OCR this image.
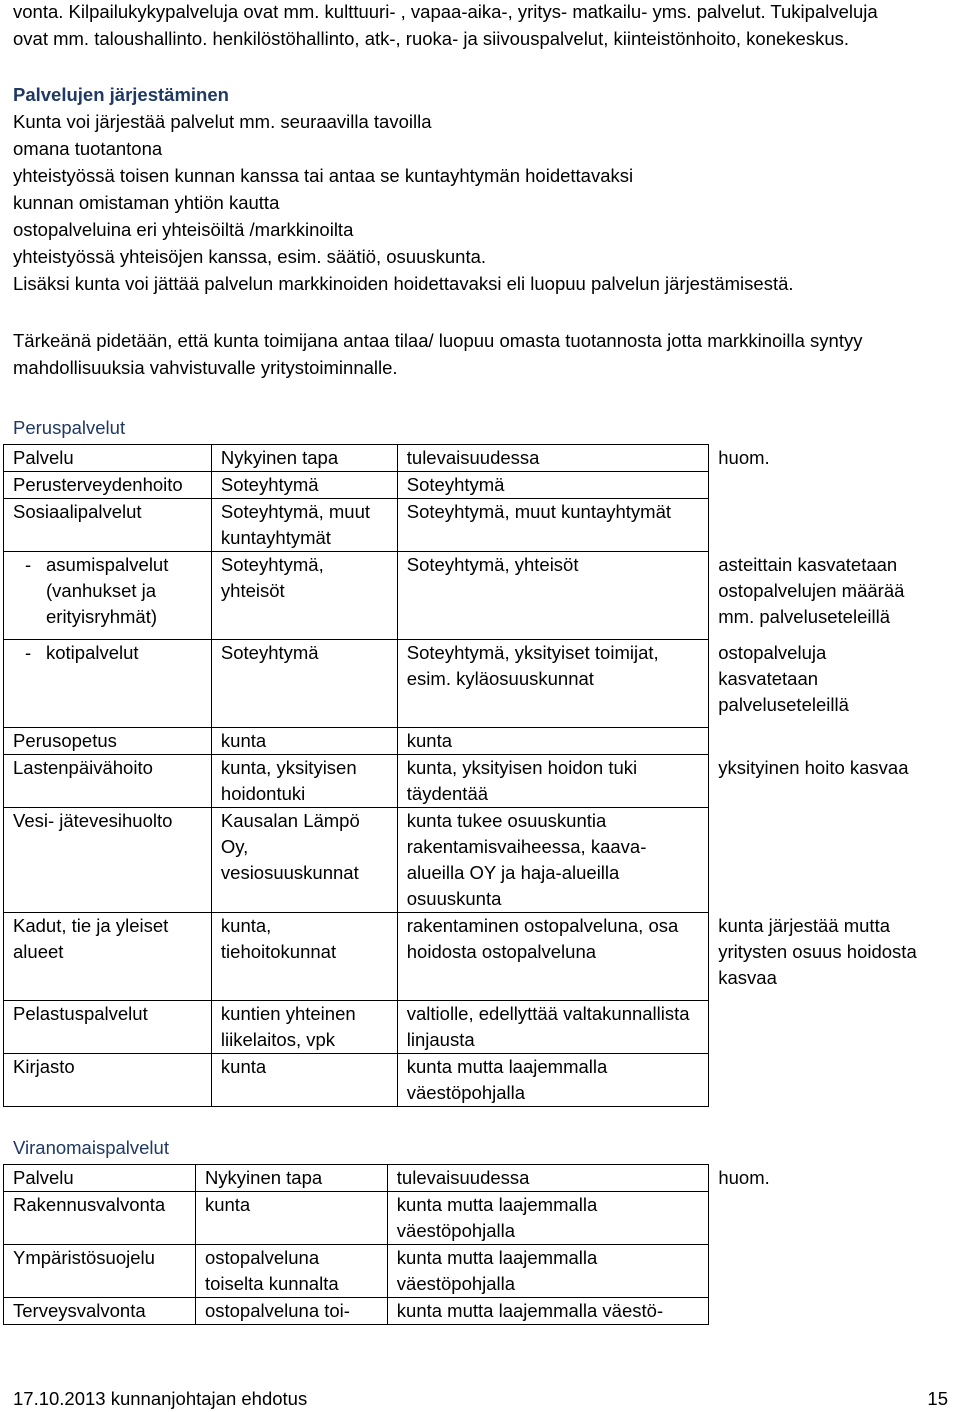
vonta. Kilpailukykypalveluja ovat mm. kulttuuri- , vapaa-aika-, yritys- matkailu- yms. palvelut. Tukipalveluja

ovat mm. taloushallinto. henkilöstöhallinto, atk-, ruoka- ja siivouspalvelut, kiinteistönhoito, konekeskus.

Palvelujen järjestäminen

Kunta voi järjestää palvelut mm. seuraavilla tavoilla

omana tuotantona

yhteistyössä toisen kunnan kanssa tai antaa se kuntayhtymän hoidettavaksi

kunnan omistaman yhtiön kautta

ostopalveluina eri yhteisöiltä /markkinoilta

yhteistyössä yhteisöjen kanssa, esim. säätiö, osuuskunta.

Lisäksi kunta voi jättää palvelun markkinoiden hoidettavaksi eli luopuu palvelun järjestämisestä.

Tärkeänä pidetään, että kunta toimijana antaa tilaa/ luopuu omasta tuotannosta jotta markkinoilla syntyy

mahdollisuuksia vahvistuvalle yritystoiminnalle.

Peruspalvelut

Palvelu	Nykyinen tapa	tulevaisuudessa	huom.
Perusterveydenhoito	Soteyhtymä	Soteyhtymä	
Sosiaalipalvelut	Soteyhtymä, muut kuntayhtymät	Soteyhtymä, muut kuntayhtymät	

- asumispalvelut (vanhukset ja erityisryhmät)	Soteyhtymä, yhteisöt	Soteyhtymä, yhteisöt	asteittain kasvatetaan ostopalvelujen määrää mm. palveluseteleillä

- kotipalvelut	Soteyhtymä	Soteyhtymä, yksityiset toimijat, esim. kyläosuuskunnat	ostopalveluja kasvatetaan palveluseteleillä
Perusopetus	kunta	kunta	
Lastenpäivähoito	kunta, yksityisen hoidontuki	kunta, yksityisen hoidon tuki täydentää	yksityinen hoito kasvaa
Vesi- jätevesihuolto	Kausalan Lämpö Oy, vesiosuuskunnat	kunta tukee osuuskuntia rakentamisvaiheessa, kaava-alueilla OY ja haja-alueilla osuuskunta	
Kadut, tie ja yleiset alueet	kunta, tiehoitokunnat	rakentaminen ostopalveluna, osa hoidosta ostopalveluna	kunta järjestää mutta yritysten osuus hoidosta kasvaa
Pelastuspalvelut	kuntien yhteinen liikelaitos, vpk	valtiolle, edellyttää valtakunnallista linjausta	
Kirjasto	kunta	kunta mutta laajemmalla väestöpohjalla	

Viranomaispalvelut

Palvelu	Nykyinen tapa	tulevaisuudessa	huom.
Rakennusvalvonta	kunta	kunta mutta laajemmalla väestöpohjalla	
Ympäristösuojelu	ostopalveluna toiselta kunnalta	kunta mutta laajemmalla väestöpohjalla	
Terveysvalvonta	ostopalveluna toi-	kunta mutta laajemmalla väestö-	
17.10.2013 kunnanjohtajan ehdotus	15
